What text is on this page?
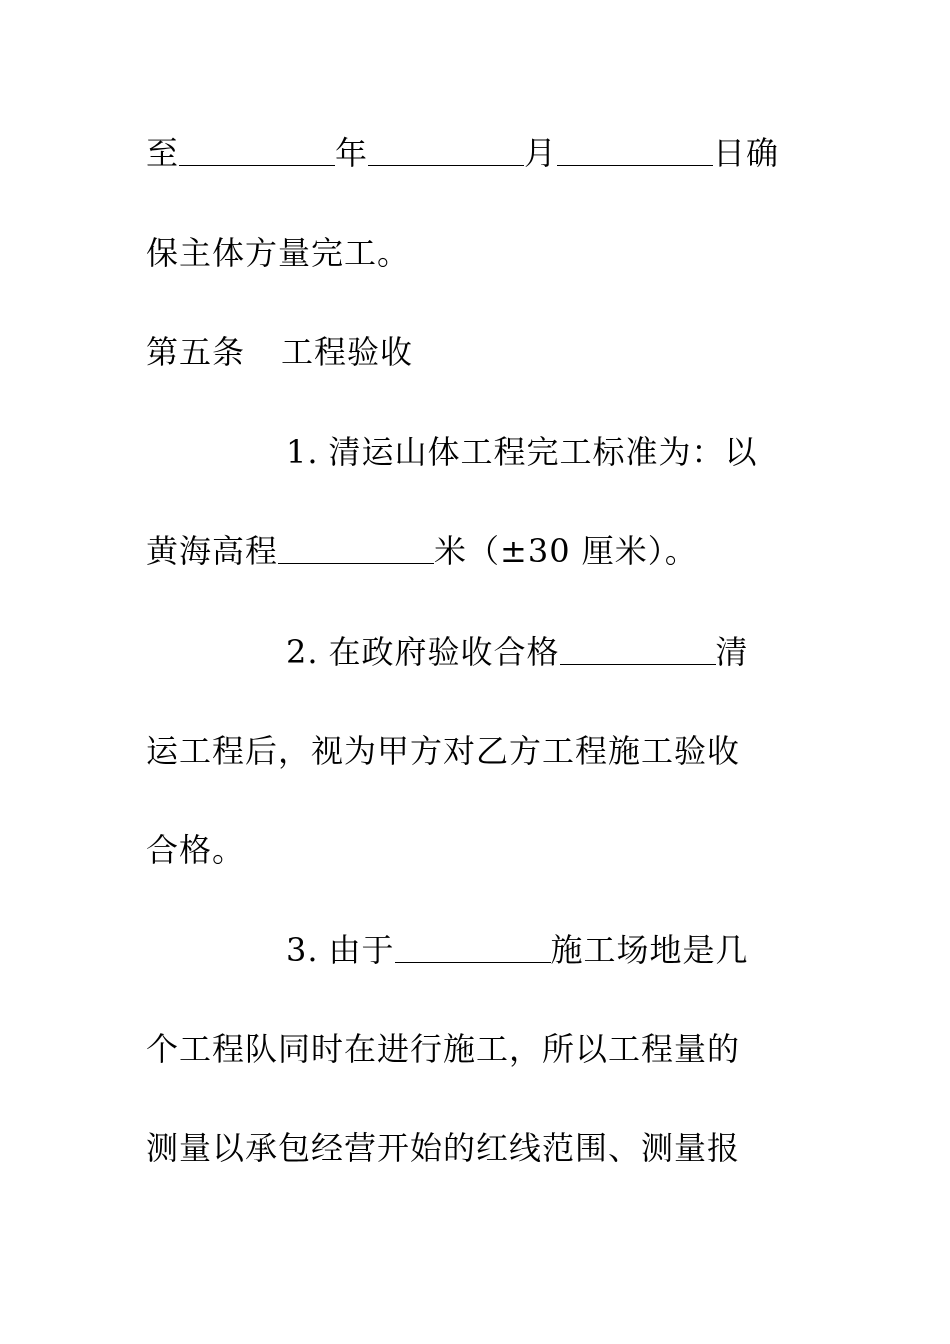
至	年	月	日确
保主体方量完工。
第五条 工程验收
1. 清运山体工程完工标准为：以
黄海高程	米（±30 厘米）。
2. 在政府验收合格	清
运工程后，视为甲方对乙方工程施工验收
合格。
3. 由于	施工场地是几
个工程队同时在进行施工，所以工程量的
测量以承包经营开始的红线范围、测量报
